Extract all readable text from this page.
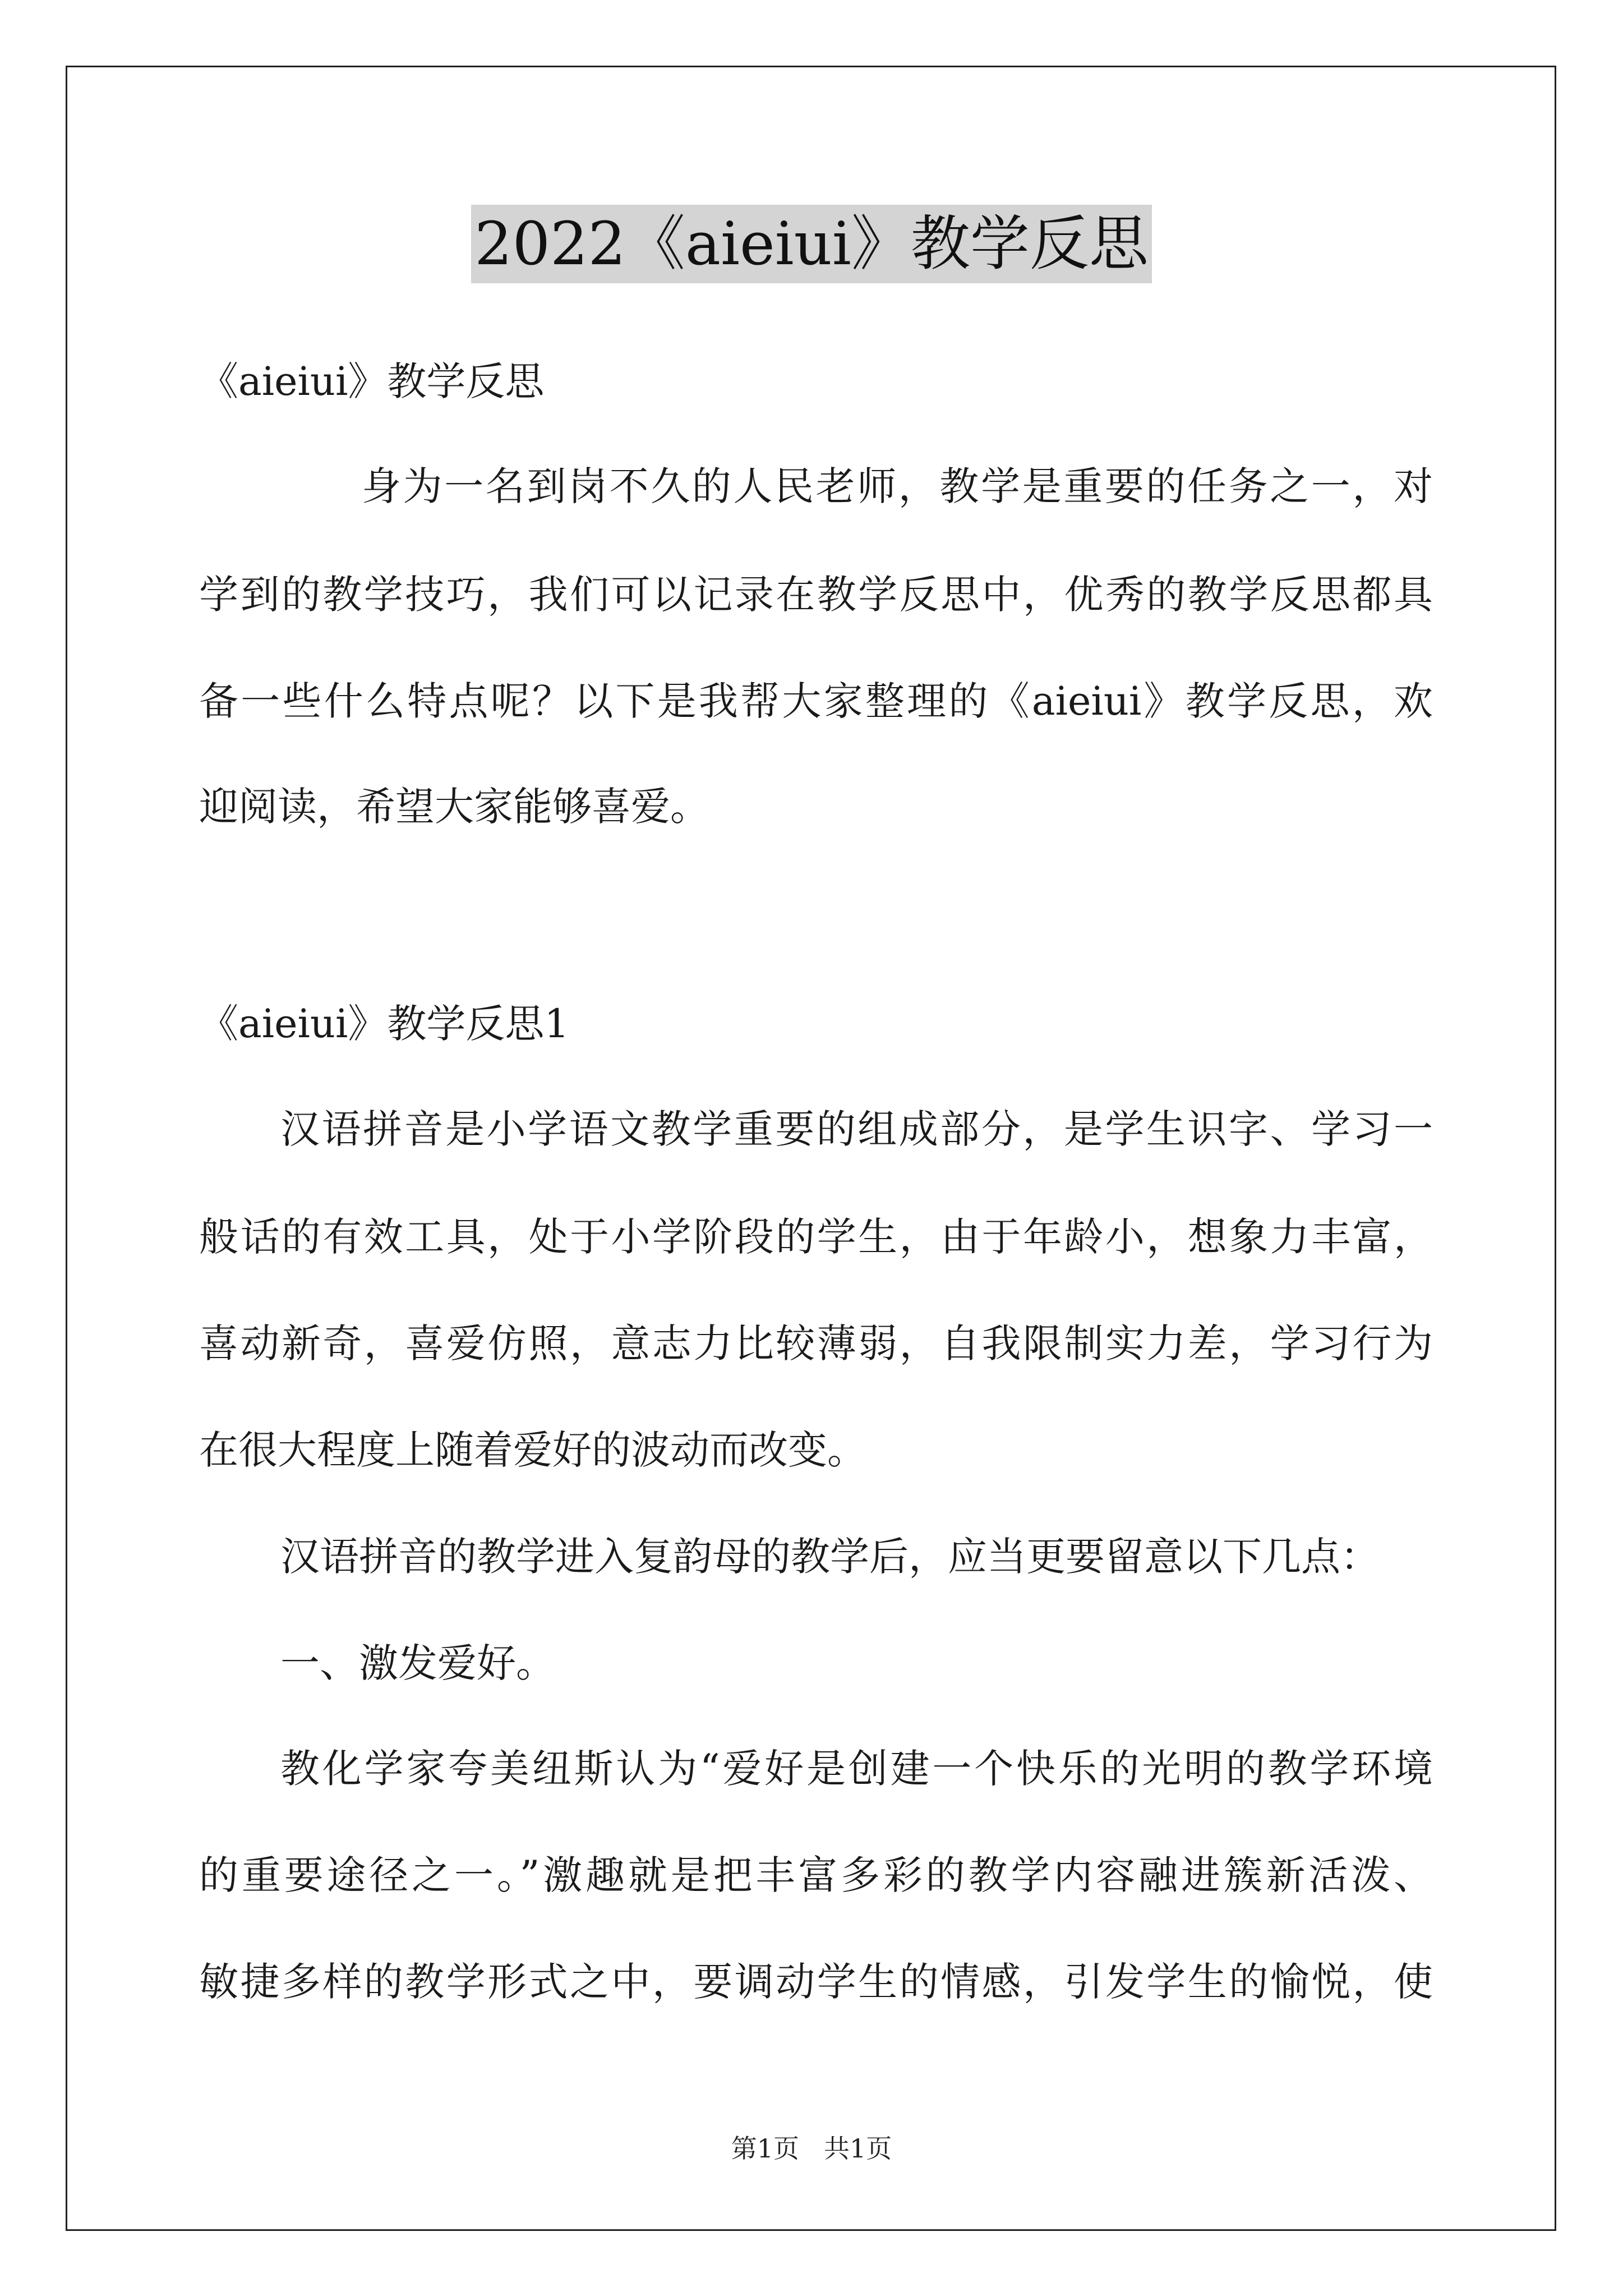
2022《aieiui》教学反思
《aieiui》教学反思
身为一名到岗不久的人民老师，教学是重要的任务之一，对
学到的教学技巧，我们可以记录在教学反思中，优秀的教学反思都具
备一些什么特点呢？以下是我帮大家整理的《aieiui》教学反思，欢
迎阅读，希望大家能够喜爱。
《aieiui》教学反思1
汉语拼音是小学语文教学重要的组成部分，是学生识字、学习一
般话的有效工具，处于小学阶段的学生，由于年龄小，想象力丰富，
喜动新奇，喜爱仿照，意志力比较薄弱，自我限制实力差，学习行为
在很大程度上随着爱好的波动而改变。
汉语拼音的教学进入复韵母的教学后，应当更要留意以下几点：
一、激发爱好。
教化学家夸美纽斯认为“爱好是创建一个快乐的光明的教学环境
的重要途径之一。”激趣就是把丰富多彩的教学内容融进簇新活泼、
敏捷多样的教学形式之中，要调动学生的情感，引发学生的愉悦，使
第1页 共1页
